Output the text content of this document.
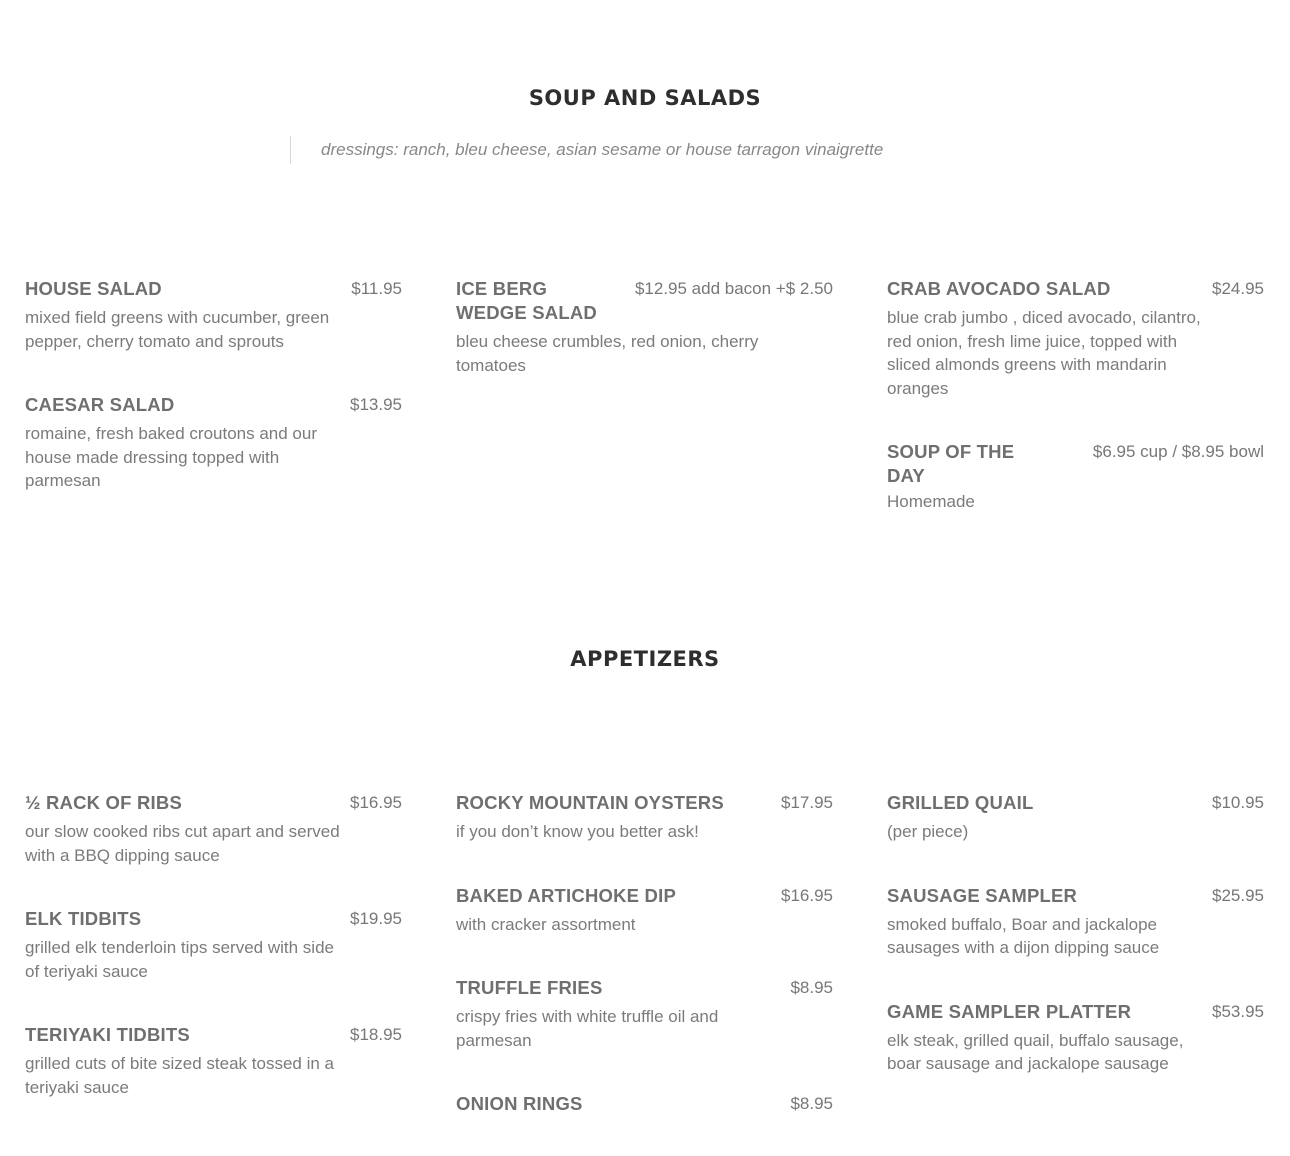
SOUP AND SALADS
dressings: ranch, bleu cheese, asian sesame or house tarragon vinaigrette
HOUSE SALAD	$11.95
mixed field greens with cucumber, green pepper, cherry tomato and sprouts
CAESAR SALAD	$13.95
romaine, fresh baked croutons and our house made dressing topped with parmesan
ICE BERG WEDGE SALAD
$12.95 add bacon +$ 2.50
bleu cheese crumbles, red onion, cherry tomatoes
CRAB AVOCADO SALAD	$24.95
blue crab jumbo , diced avocado, cilantro, red onion, fresh lime juice, topped with sliced almonds greens with mandarin oranges
SOUP OF THE DAY
$6.95 cup / $8.95 bowl
Homemade
APPETIZERS
½ RACK OF RIBS	$16.95
our slow cooked ribs cut apart and served with a BBQ dipping sauce
ELK TIDBITS	$19.95
grilled elk tenderloin tips served with side of teriyaki sauce
TERIYAKI TIDBITS	$18.95
grilled cuts of bite sized steak tossed in a teriyaki sauce
ROCKY MOUNTAIN OYSTERS	$17.95
if you don’t know you better ask!
BAKED ARTICHOKE DIP	$16.95
with cracker assortment
TRUFFLE FRIES	$8.95
crispy fries with white truffle oil and parmesan
ONION RINGS	$8.95
GRILLED QUAIL	$10.95
(per piece)
SAUSAGE SAMPLER	$25.95
smoked buffalo, Boar and jackalope sausages with a dijon dipping sauce
GAME SAMPLER PLATTER	$53.95
elk steak, grilled quail, buffalo sausage, boar sausage and jackalope sausage
